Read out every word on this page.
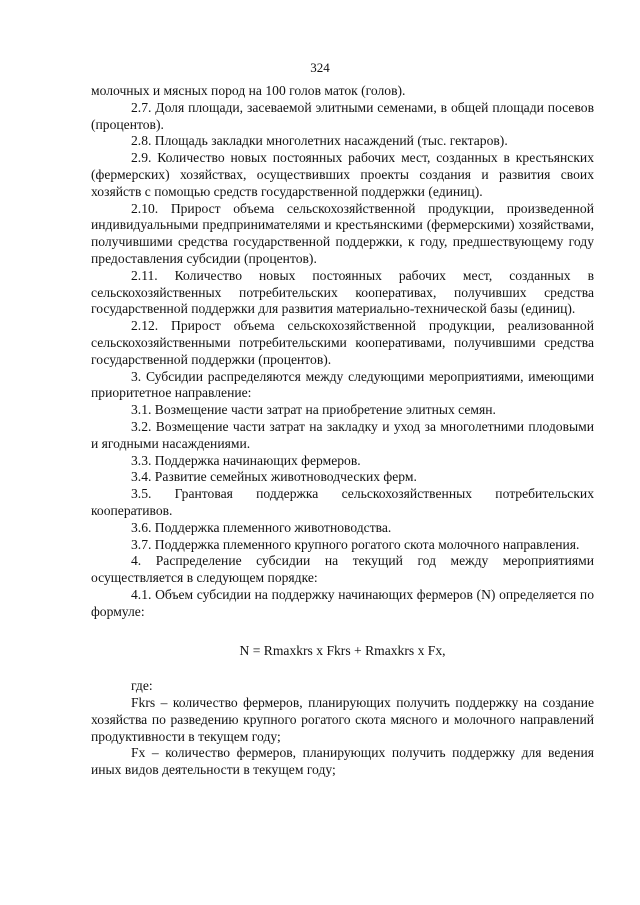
324

молочных и мясных пород на 100 голов маток (голов).

2.7. Доля площади, засеваемой элитными семенами, в общей площади посевов (процентов).

2.8. Площадь закладки многолетних насаждений (тыс. гектаров).

2.9. Количество новых постоянных рабочих мест, созданных в крестьянских (фермерских) хозяйствах, осуществивших проекты создания и развития своих хозяйств с помощью средств государственной поддержки (единиц).

2.10. Прирост объема сельскохозяйственной продукции, произведенной индивидуальными предпринимателями и крестьянскими (фермерскими) хозяйствами, получившими средства государственной поддержки, к году, предшествующему году предоставления субсидии (процентов).

2.11. Количество новых постоянных рабочих мест, созданных в сельскохозяйственных потребительских кооперативах, получивших средства государственной поддержки для развития материально-технической базы (единиц).

2.12. Прирост объема сельскохозяйственной продукции, реализованной сельскохозяйственными потребительскими кооперативами, получившими средства государственной поддержки (процентов).

3. Субсидии распределяются между следующими мероприятиями, имеющими приоритетное направление:

3.1. Возмещение части затрат на приобретение элитных семян.

3.2. Возмещение части затрат на закладку и уход за многолетними плодовыми и ягодными насаждениями.

3.3. Поддержка начинающих фермеров.

3.4. Развитие семейных животноводческих ферм.

3.5. Грантовая поддержка сельскохозяйственных потребительских кооперативов.

3.6. Поддержка племенного животноводства.

3.7. Поддержка племенного крупного рогатого скота молочного направления.

4. Распределение субсидии на текущий год между мероприятиями осуществляется в следующем порядке:

4.1. Объем субсидии на поддержку начинающих фермеров (N) определяется по формуле:

N = Rmaxkrs x Fkrs + Rmaxkrs x Fx,

где:

Fkrs – количество фермеров, планирующих получить поддержку на создание хозяйства по разведению крупного рогатого скота мясного и молочного направлений продуктивности в текущем году;

Fx – количество фермеров, планирующих получить поддержку для ведения иных видов деятельности в текущем году;
